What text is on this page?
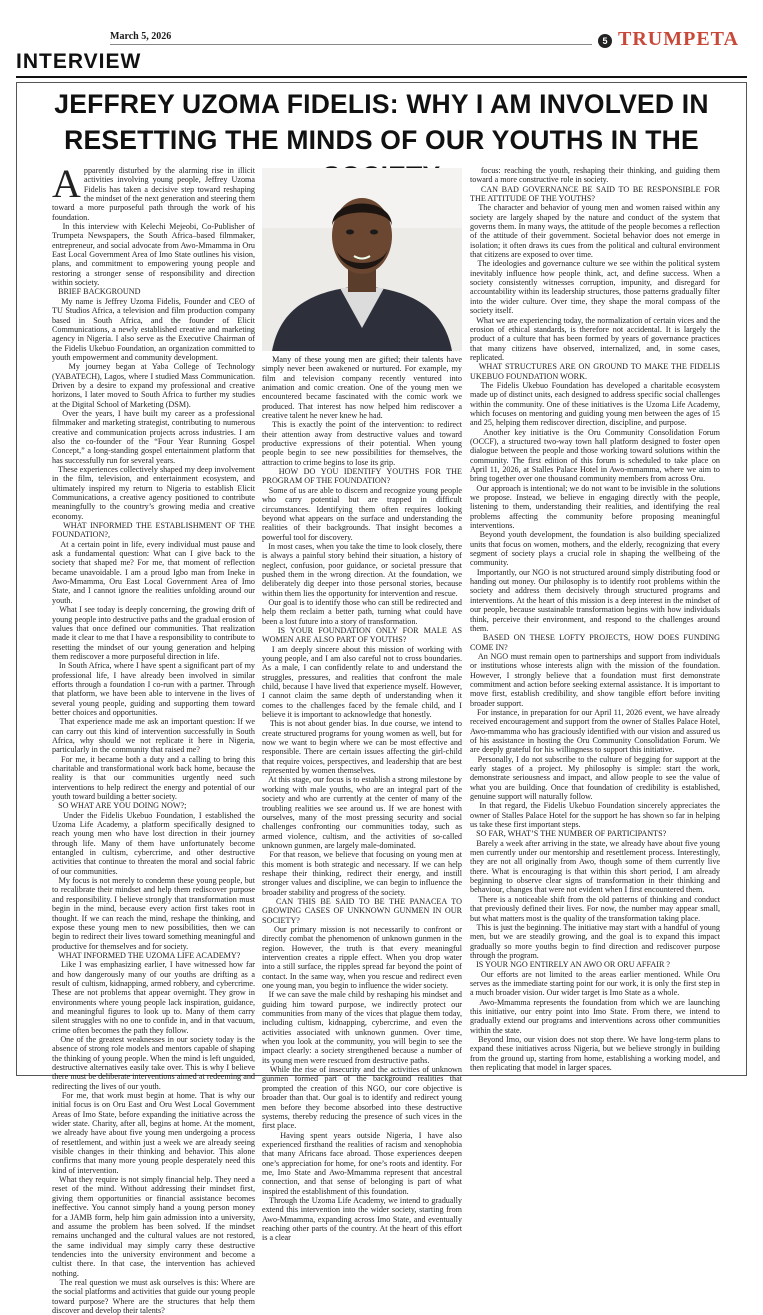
March 5, 2026	5 TRUMPETA
INTERVIEW
JEFFREY UZOMA FIDELIS: WHY I AM INVOLVED IN RESETTING THE MINDS OF OUR YOUTHS IN THE

Apparently disturbed by the alarming rise in illicit activities involving young people, Jeffrey Uzoma Fidelis has taken a decisive step toward reshaping the mindset of the next generation and steering them toward a more purposeful path through the work of his foundation.

In this interview with Kelechi Mejeobi, Co-Publisher of Trumpeta Newspapers, the South Africa–based filmmaker, entrepreneur, and social advocate from Awo-Mmamma in Oru East Local Government Area of Imo State outlines his vision, plans, and commitment to empowering young people and restoring a stronger sense of responsibility and direction within society.

BRIEF BACKGROUND

My name is Jeffrey Uzoma Fidelis, Founder and CEO of TU Studios Africa, a television and film production company based in South Africa, and the founder of Elicit Communications, a newly established creative and marketing agency in Nigeria. I also serve as the Executive Chairman of the Fidelis Ukebuo Foundation, an organization committed to youth empowerment and community development.

My journey began at Yaba College of Technology (YABATECH), Lagos, where I studied Mass Communication. Driven by a desire to expand my professional and creative horizons, I later moved to South Africa to further my studies at the Digital School of Marketing (DSM).

Over the years, I have built my career as a professional filmmaker and marketing strategist, contributing to numerous creative and communication projects across industries. I am also the co-founder of the “Four Year Running Gospel Concept,” a long-standing gospel entertainment platform that has successfully run for several years.

These experiences collectively shaped my deep involvement in the film, television, and entertainment ecosystem, and ultimately inspired my return to Nigeria to establish Elicit Communications, a creative agency positioned to contribute meaningfully to the country’s growing media and creative economy.

WHAT INFORMED THE ESTABLISHMENT OF THE FOUNDATION?,

At a certain point in life, every individual must pause and ask a fundamental question: What can I give back to the society that shaped me? For me, that moment of reflection became unavoidable. I am a proud Igbo man from Ineke in Awo-Mmamma, Oru East Local Government Area of Imo State, and I cannot ignore the realities unfolding around our youth.

What I see today is deeply concerning, the growing drift of young people into destructive paths and the gradual erosion of values that once defined our communities. That realization made it clear to me that I have a responsibility to contribute to resetting the mindset of our young generation and helping them rediscover a more purposeful direction in life.

In South Africa, where I have spent a significant part of my professional life, I have already been involved in similar efforts through a foundation I co-run with a partner. Through that platform, we have been able to intervene in the lives of several young people, guiding and supporting them toward better choices and opportunities.

That experience made me ask an important question: If we can carry out this kind of intervention successfully in South Africa, why should we not replicate it here in Nigeria, particularly in the community that raised me?

For me, it became both a duty and a calling to bring this charitable and transformational work back home, because the reality is that our communities urgently need such interventions to help redirect the energy and potential of our youth toward building a better society.

SO WHAT ARE YOU DOING NOW?;

Under the Fidelis Ukebuo Foundation, I established the Uzoma Life Academy, a platform specifically designed to reach young men who have lost direction in their journey through life. Many of them have unfortunately become entangled in cultism, cybercrime, and other destructive activities that continue to threaten the moral and social fabric of our communities.

My focus is not merely to condemn these young people, but to recalibrate their mindset and help them rediscover purpose and responsibility. I believe strongly that transformation must begin in the mind, because every action first takes root in thought. If we can reach the mind, reshape the thinking, and expose these young men to new possibilities, then we can begin to redirect their lives toward something meaningful and productive for themselves and for society.

WHAT INFORMED THE UZOMA LIFE ACADEMY?

Like I was emphasizing earlier, I have witnessed how far and how dangerously many of our youths are drifting as a result of cultism, kidnapping, armed robbery, and cybercrime. These are not problems that appear overnight. They grow in environments where young people lack inspiration, guidance, and meaningful figures to look up to. Many of them carry silent struggles with no one to confide in, and in that vacuum, crime often becomes the path they follow.

One of the greatest weaknesses in our society today is the absence of strong role models and mentors capable of shaping the thinking of young people. When the mind is left unguided, destructive alternatives easily take over. This is why I believe there must be deliberate interventions aimed at redeeming and redirecting the lives of our youth.

For me, that work must begin at home. That is why our initial focus is on Oru East and Oru West Local Government Areas of Imo State, before expanding the initiative across the wider state. Charity, after all, begins at home. At the moment, we already have about five young men undergoing a process of resettlement, and within just a week we are already seeing visible changes in their thinking and behavior. This alone confirms that many more young people desperately need this kind of intervention.

What they require is not simply financial help. They need a reset of the mind. Without addressing their mindset first, giving them opportunities or financial assistance becomes ineffective. You cannot simply hand a young person money for a JAMB form, help him gain admission into a university, and assume the problem has been solved. If the mindset remains unchanged and the cultural values are not restored, the same individual may simply carry these destructive tendencies into the university environment and become a cultist there. In that case, the intervention has achieved nothing.

The real question we must ask ourselves is this: Where are the social platforms and activities that guide our young people toward purpose? Where are the structures that help them discover and develop their talents?

Many of these young men are gifted; their talents have simply never been awakened or nurtured. For example, my film and television company recently ventured into animation and comic creation. One of the young men we encountered became fascinated with the comic work we produced. That interest has now helped him rediscover a creative talent he never knew he had.

This is exactly the point of the intervention: to redirect their attention away from destructive values and toward productive expressions of their potential. When young people begin to see new possibilities for themselves, the attraction to crime begins to lose its grip.

HOW DO YOU IDENTIFY YOUTHS FOR THE PROGRAM OF THE FOUNDATION?

Some of us are able to discern and recognize young people who carry potential but are trapped in difficult circumstances. Identifying them often requires looking beyond what appears on the surface and understanding the realities of their backgrounds. That insight becomes a powerful tool for discovery.

In most cases, when you take the time to look closely, there is always a painful story behind their situation, a history of neglect, confusion, poor guidance, or societal pressure that pushed them in the wrong direction. At the foundation, we deliberately dig deeper into those personal stories, because within them lies the opportunity for intervention and rescue.

Our goal is to identify those who can still be redirected and help them reclaim a better path, turning what could have been a lost future into a story of transformation.

IS YOUR FOUNDATION ONLY FOR MALE AS WOMEN ARE ALSO PART OF YOUTHS?

I am deeply sincere about this mission of working with young people, and I am also careful not to cross boundaries. As a male, I can confidently relate to and understand the struggles, pressures, and realities that confront the male child, because I have lived that experience myself. However, I cannot claim the same depth of understanding when it comes to the challenges faced by the female child, and I believe it is important to acknowledge that honestly.

This is not about gender bias. In due course, we intend to create structured programs for young women as well, but for now we want to begin where we can be most effective and responsible. There are certain issues affecting the girl-child that require voices, perspectives, and leadership that are best represented by women themselves.

At this stage, our focus is to establish a strong milestone by working with male youths, who are an integral part of the society and who are currently at the center of many of the troubling realities we see around us. If we are honest with ourselves, many of the most pressing security and social challenges confronting our communities today, such as armed violence, cultism, and the activities of so-called unknown gunmen, are largely male-dominated.

For that reason, we believe that focusing on young men at this moment is both strategic and necessary. If we can help reshape their thinking, redirect their energy, and instill stronger values and discipline, we can begin to influence the broader stability and progress of the society.

CAN THIS BE SAID TO BE THE PANACEA TO GROWING CASES OF UNKNOWN GUNMEN IN OUR SOCIETY?

Our primary mission is not necessarily to confront or directly combat the phenomenon of unknown gunmen in the region. However, the truth is that every meaningful intervention creates a ripple effect. When you drop water into a still surface, the ripples spread far beyond the point of contact. In the same way, when you rescue and redirect even one young man, you begin to influence the wider society.

If we can save the male child by reshaping his mindset and guiding him toward purpose, we indirectly protect our communities from many of the vices that plague them today, including cultism, kidnapping, cybercrime, and even the activities associated with unknown gunmen. Over time, when you look at the community, you will begin to see the impact clearly: a society strengthened because a number of its young men were rescued from destructive paths.

While the rise of insecurity and the activities of unknown gunmen formed part of the background realities that prompted the creation of this NGO, our core objective is broader than that. Our goal is to identify and redirect young men before they become absorbed into these destructive systems, thereby reducing the presence of such vices in the first place.

Having spent years outside Nigeria, I have also experienced firsthand the realities of racism and xenophobia that many Africans face abroad. Those experiences deepen one’s appreciation for home, for one’s roots and identity. For me, Imo State and Awo-Mmamma represent that ancestral connection, and that sense of belonging is part of what inspired the establishment of this foundation.

Through the Uzoma Life Academy, we intend to gradually extend this intervention into the wider society, starting from Awo-Mmamma, expanding across Imo State, and eventually reaching other parts of the country. At the heart of this effort is a clear

focus: reaching the youth, reshaping their thinking, and guiding them toward a more constructive role in society.

CAN BAD GOVERNANCE BE SAID TO BE RESPONSIBLE FOR THE ATTITUDE OF THE YOUTHS?

The character and behavior of young men and women raised within any society are largely shaped by the nature and conduct of the system that governs them. In many ways, the attitude of the people becomes a reflection of the attitude of their government. Societal behavior does not emerge in isolation; it often draws its cues from the political and cultural environment that citizens are exposed to over time.

The ideologies and governance culture we see within the political system inevitably influence how people think, act, and define success. When a society consistently witnesses corruption, impunity, and disregard for accountability within its leadership structures, those patterns gradually filter into the wider culture. Over time, they shape the moral compass of the society itself.

What we are experiencing today, the normalization of certain vices and the erosion of ethical standards, is therefore not accidental. It is largely the product of a culture that has been formed by years of governance practices that many citizens have observed, internalized, and, in some cases, replicated.

WHAT STRUCTURES ARE ON GROUND TO MAKE THE FIDELIS UKEBUO FOUNDATION WORK.

The Fidelis Ukebuo Foundation has developed a charitable ecosystem made up of distinct units, each designed to address specific social challenges within the community. One of these initiatives is the Uzoma Life Academy, which focuses on mentoring and guiding young men between the ages of 15 and 25, helping them rediscover direction, discipline, and purpose.

Another key initiative is the Oru Community Consolidation Forum (OCCF), a structured two-way town hall platform designed to foster open dialogue between the people and those working toward solutions within the community. The first edition of this forum is scheduled to take place on April 11, 2026, at Stalles Palace Hotel in Awo-mmamma, where we aim to bring together over one thousand community members from across Oru.

Our approach is intentional; we do not want to be invisible in the solutions we propose. Instead, we believe in engaging directly with the people, listening to them, understanding their realities, and identifying the real problems affecting the community before proposing meaningful interventions.

Beyond youth development, the foundation is also building specialized units that focus on women, mothers, and the elderly, recognizing that every segment of society plays a crucial role in shaping the wellbeing of the community.

Importantly, our NGO is not structured around simply distributing food or handing out money. Our philosophy is to identify root problems within the society and address them decisively through structured programs and interventions. At the heart of this mission is a deep interest in the mindset of our people, because sustainable transformation begins with how individuals think, perceive their environment, and respond to the challenges around them.

BASED ON THESE LOFTY PROJECTS, HOW DOES FUNDING COME IN?

An NGO must remain open to partnerships and support from individuals or institutions whose interests align with the mission of the foundation. However, I strongly believe that a foundation must first demonstrate commitment and action before seeking external assistance. It is important to move first, establish credibility, and show tangible effort before inviting broader support.

For instance, in preparation for our April 11, 2026 event, we have already received encouragement and support from the owner of Stalles Palace Hotel, Awo-mmamma who has graciously identified with our vision and assured us of his assistance in hosting the Oru Community Consolidation Forum. We are deeply grateful for his willingness to support this initiative.

Personally, I do not subscribe to the culture of begging for support at the early stages of a project. My philosophy is simple: start the work, demonstrate seriousness and impact, and allow people to see the value of what you are building. Once that foundation of credibility is established, genuine support will naturally follow.

In that regard, the Fidelis Ukebuo Foundation sincerely appreciates the owner of Stalles Palace Hotel for the support he has shown so far in helping us take these first important steps.

SO FAR, WHAT’S THE NUMBER OF PARTICIPANTS?

Barely a week after arriving in the state, we already have about five young men currently under our mentorship and resettlement process. Interestingly, they are not all originally from Awo, though some of them currently live there. What is encouraging is that within this short period, I am already beginning to observe clear signs of transformation in their thinking and behaviour, changes that were not evident when I first encountered them.

There is a noticeable shift from the old patterns of thinking and conduct that previously defined their lives. For now, the number may appear small, but what matters most is the quality of the transformation taking place.

This is just the beginning. The initiative may start with a handful of young men, but we are steadily growing, and the goal is to expand this impact gradually so more youths begin to find direction and rediscover purpose through the program.

IS YOUR NGO ENTIRELY AN AWO OR ORU AFFAIR ?

Our efforts are not limited to the areas earlier mentioned. While Oru serves as the immediate starting point for our work, it is only the first step in a much broader vision. Our wider target is Imo State as a whole.

Awo-Mmamma represents the foundation from which we are launching this initiative, our entry point into Imo State. From there, we intend to gradually extend our programs and interventions across other communities within the state.

Beyond Imo, our vision does not stop there. We have long-term plans to expand these initiatives across Nigeria, but we believe strongly in building from the ground up, starting from home, establishing a working model, and then replicating that model in larger spaces.
